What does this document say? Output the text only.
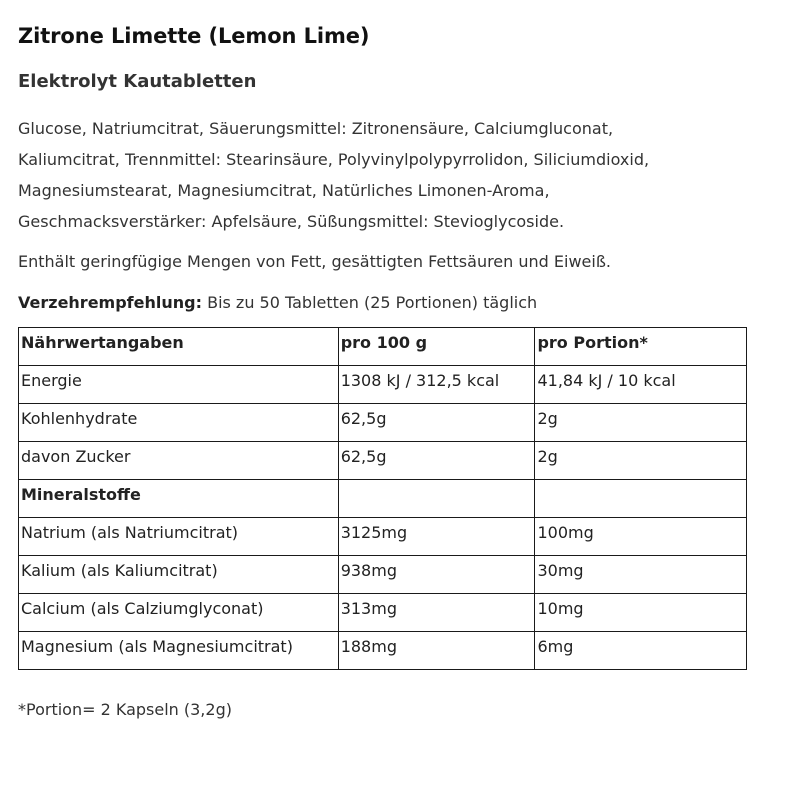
Zitrone Limette (Lemon Lime)
Elektrolyt Kautabletten
Glucose, Natriumcitrat, Säuerungsmittel: Zitronensäure, Calciumgluconat,
Kaliumcitrat, Trennmittel: Stearinsäure, Polyvinylpolypyrrolidon, Siliciumdioxid,
Magnesiumstearat, Magnesiumcitrat, Natürliches Limonen-Aroma,
Geschmacksverstärker: Apfelsäure, Süßungsmittel: Stevioglycoside.

Enthält geringfügige Mengen von Fett, gesättigten Fettsäuren und Eiweiß.

Verzehrempfehlung: Bis zu 50 Tabletten (25 Portionen) täglich

Nährwertangaben	pro 100 g	pro Portion*
Energie	1308 kJ / 312,5 kcal	41,84 kJ / 10 kcal
Kohlenhydrate	62,5g	2g
davon Zucker	62,5g	2g
Mineralstoffe		
Natrium (als Natriumcitrat)	3125mg	100mg
Kalium (als Kaliumcitrat)	938mg	30mg
Calcium (als Calziumglyconat)	313mg	10mg
Magnesium (als Magnesiumcitrat)	188mg	6mg

*Portion= 2 Kapseln (3,2g)
